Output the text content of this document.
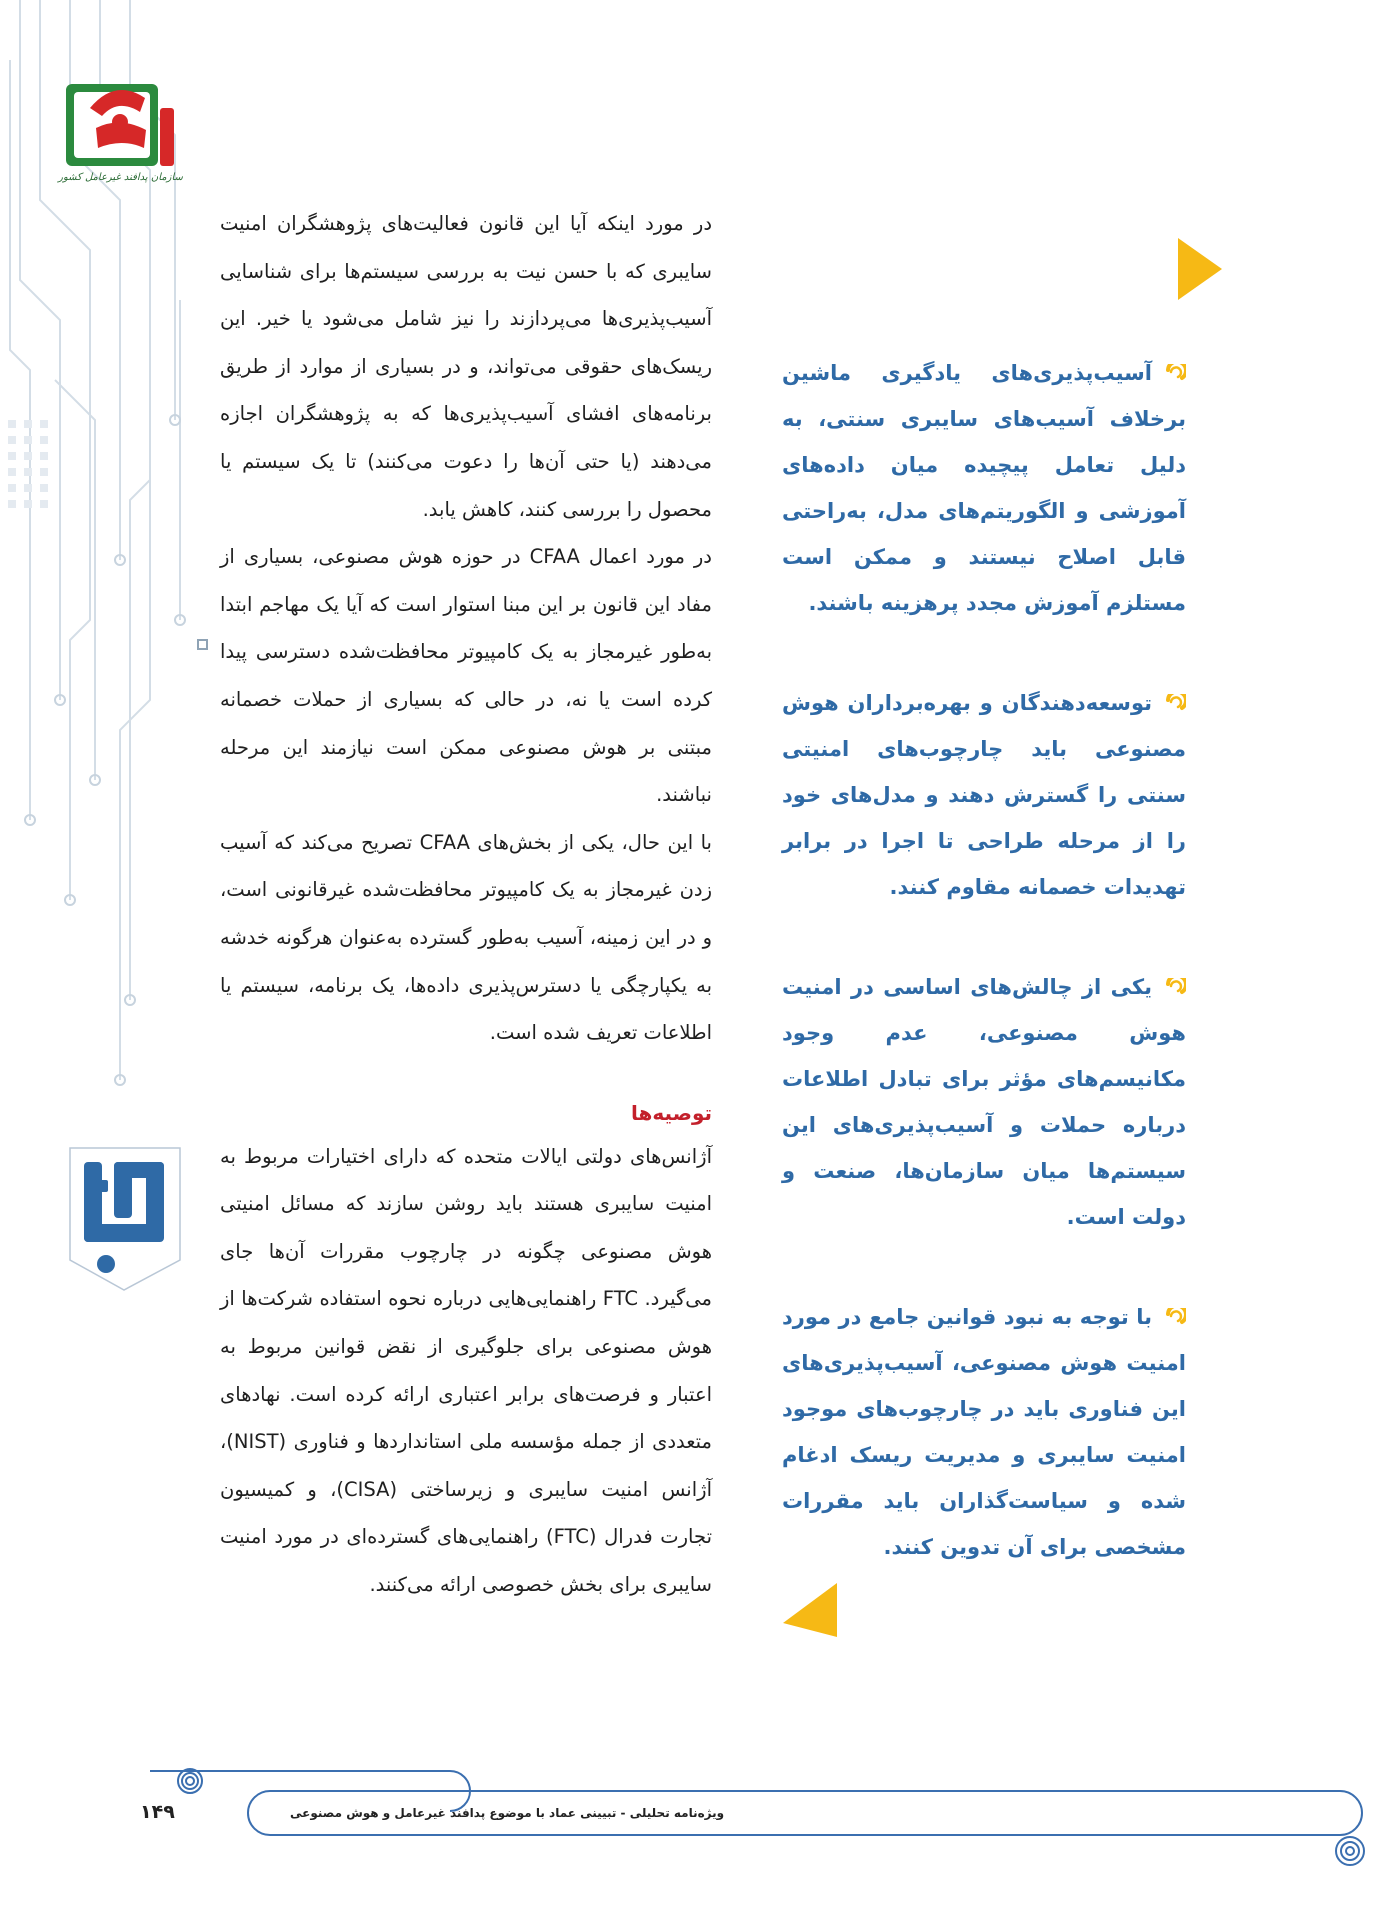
سازمان پدافند غیرعامل کشور

در مورد اینکه آیا این قانون فعالیت‌های پژوهشگران امنیت سایبری که با حسن نیت به بررسی سیستم‌ها برای شناسایی آسیب‌پذیری‌ها می‌پردازند را نیز شامل می‌شود یا خیر. این ریسک‌های حقوقی می‌تواند، و در بسیاری از موارد از طریق برنامه‌های افشای آسیب‌پذیری‌ها که به پژوهشگران اجازه می‌دهند (یا حتی آن‌ها را دعوت می‌کنند) تا یک سیستم یا محصول را بررسی کنند، کاهش یابد.

در مورد اعمال CFAA در حوزه هوش مصنوعی، بسیاری از مفاد این قانون بر این مبنا استوار است که آیا یک مهاجم ابتدا به‌طور غیرمجاز به یک کامپیوتر محافظت‌شده دسترسی پیدا کرده است یا نه، در حالی که بسیاری از حملات خصمانه مبتنی بر هوش مصنوعی ممکن است نیازمند این مرحله نباشند.

با این حال، یکی از بخش‌های CFAA تصریح می‌کند که آسیب زدن غیرمجاز به یک کامپیوتر محافظت‌شده غیرقانونی است، و در این زمینه، آسیب به‌طور گسترده به‌عنوان هرگونه خدشه به یکپارچگی یا دسترس‌پذیری داده‌ها، یک برنامه، سیستم یا اطلاعات تعریف شده است.

توصیه‌ها

آژانس‌های دولتی ایالات متحده که دارای اختیارات مربوط به امنیت سایبری هستند باید روشن سازند که مسائل امنیتی هوش مصنوعی چگونه در چارچوب مقررات آن‌ها جای می‌گیرد. FTC راهنمایی‌هایی درباره نحوه استفاده شرکت‌ها از هوش مصنوعی برای جلوگیری از نقض قوانین مربوط به اعتبار و فرصت‌های برابر اعتباری ارائه کرده است. نهادهای متعددی از جمله مؤسسه ملی استانداردها و فناوری (NIST)، آژانس امنیت سایبری و زیرساختی (CISA)، و کمیسیون تجارت فدرال (FTC) راهنمایی‌های گسترده‌ای در مورد امنیت سایبری برای بخش خصوصی ارائه می‌کنند.

آسیب‌پذیری‌های یادگیری ماشین برخلاف آسیب‌های سایبری سنتی، به دلیل تعامل پیچیده میان داده‌های آموزشی و الگوریتم‌های مدل، به‌راحتی قابل اصلاح نیستند و ممکن است مستلزم آموزش مجدد پرهزینه باشند.

توسعه‌دهندگان و بهره‌برداران هوش مصنوعی باید چارچوب‌های امنیتی سنتی را گسترش دهند و مدل‌های خود را از مرحله طراحی تا اجرا در برابر تهدیدات خصمانه مقاوم کنند.

یکی از چالش‌های اساسی در امنیت هوش مصنوعی، عدم وجود مکانیسم‌های مؤثر برای تبادل اطلاعات درباره حملات و آسیب‌پذیری‌های این سیستم‌ها میان سازمان‌ها، صنعت و دولت است.

با توجه به نبود قوانین جامع در مورد امنیت هوش مصنوعی، آسیب‌پذیری‌های این فناوری باید در چارچوب‌های موجود امنیت سایبری و مدیریت ریسک ادغام شده و سیاست‌گذاران باید مقررات مشخصی برای آن تدوین کنند.

۱۴۹	ویژه‌نامه تحلیلی - تبیینی عماد با موضوع پدافند غیرعامل و هوش مصنوعی
